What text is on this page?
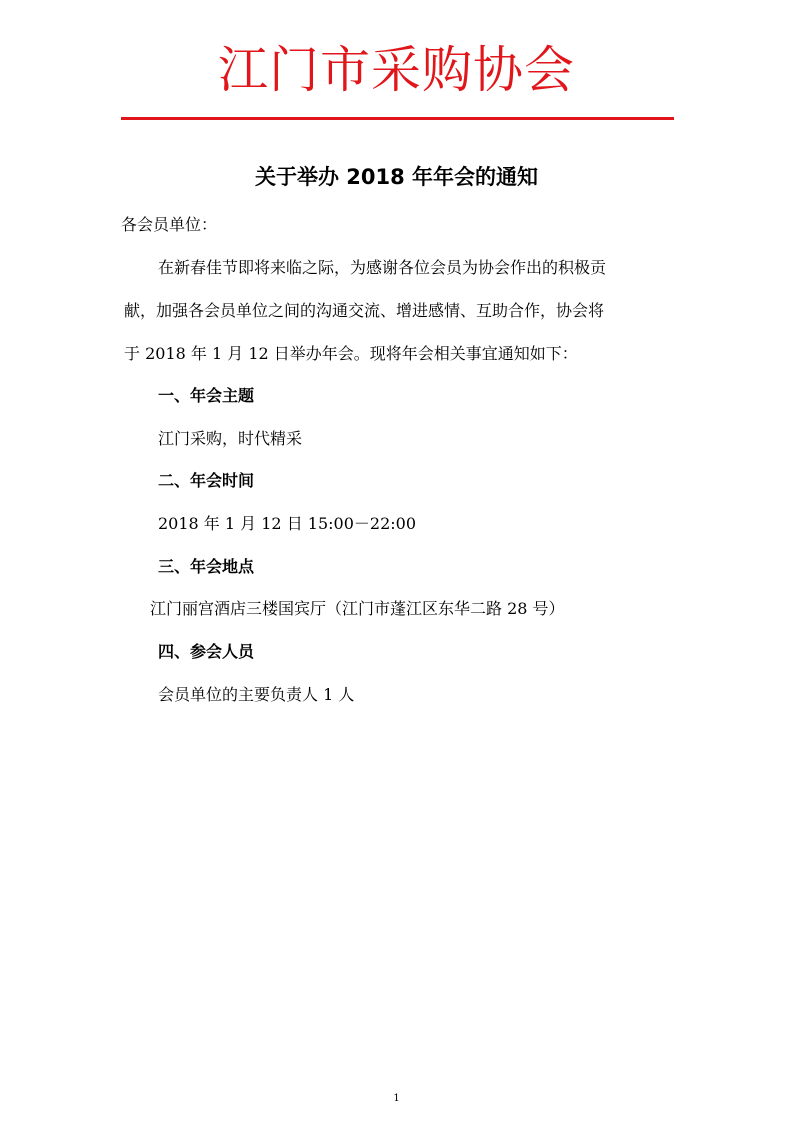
江门市采购协会
关于举办 2018 年年会的通知
各会员单位：
在新春佳节即将来临之际，为感谢各位会员为协会作出的积极贡
献，加强各会员单位之间的沟通交流、增进感情、互助合作，协会将
于 2018 年 1 月 12 日举办年会。现将年会相关事宜通知如下：
一、年会主题
江门采购，时代精采
二、年会时间
2018 年 1 月 12 日 15:00－22:00
三、年会地点
江门丽宫酒店三楼国宾厅（江门市蓬江区东华二路 28 号）
四、参会人员
会员单位的主要负责人 1 人
1
